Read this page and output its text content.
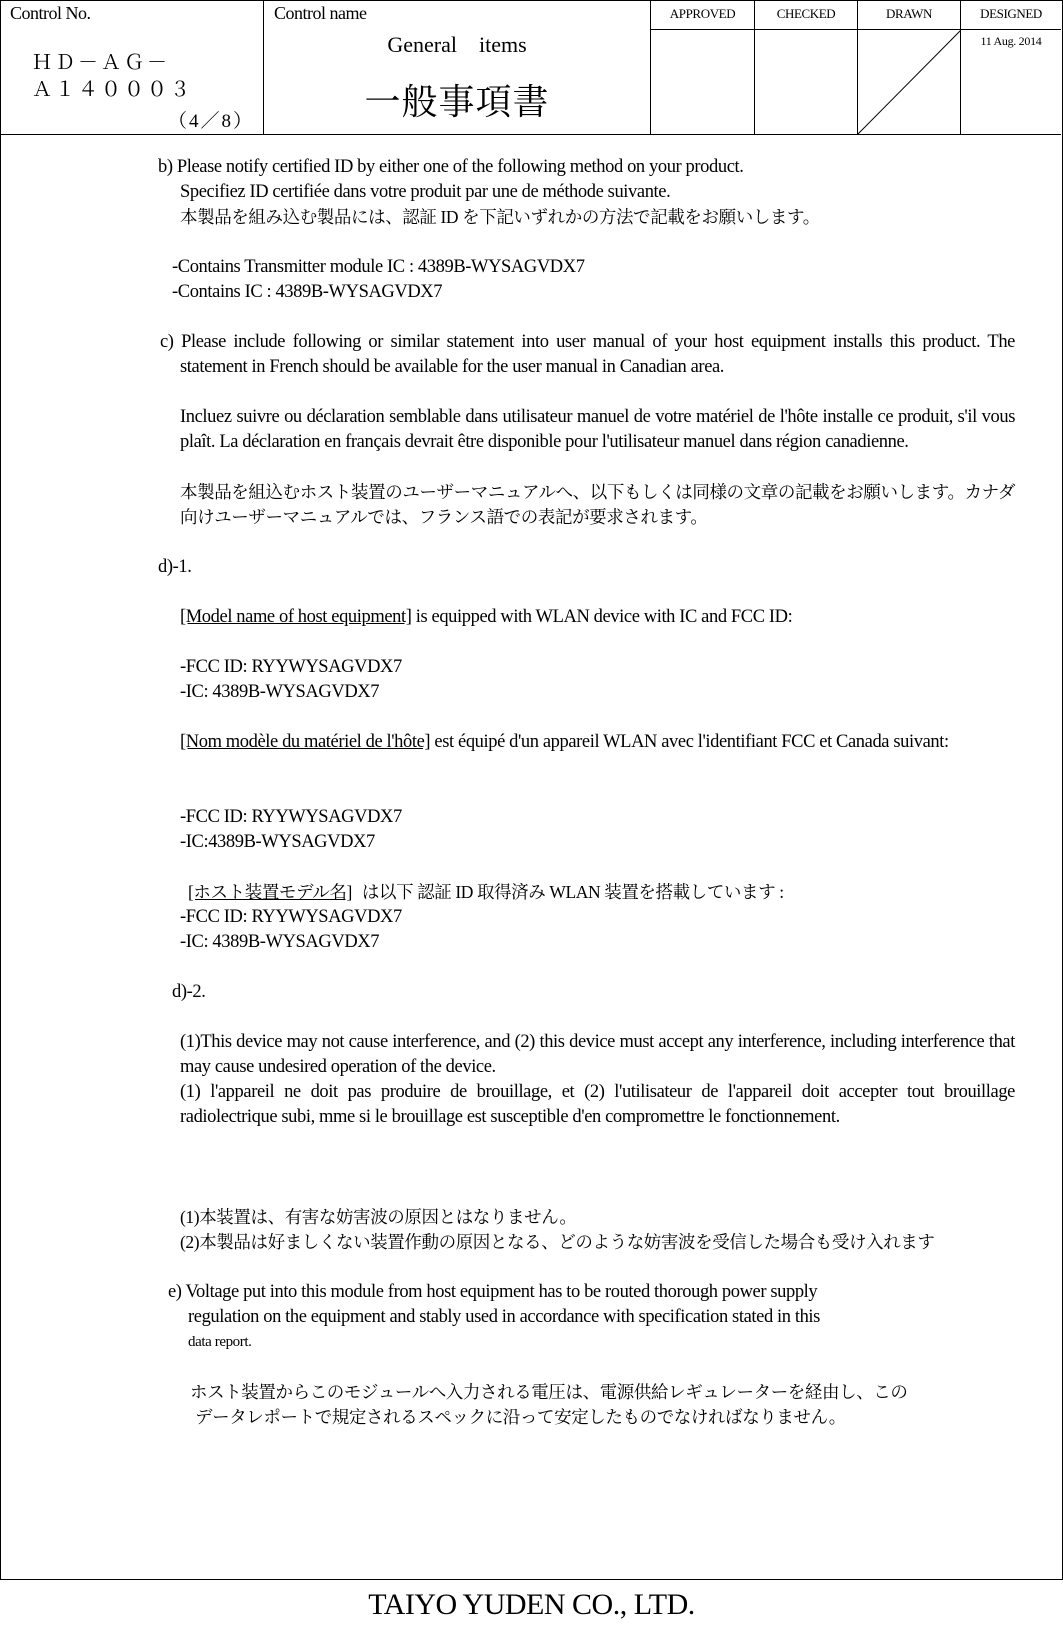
Control No.
ＨＤ－ＡＧ－
Ａ１４０００３
（4／8）
Control name
General　items
一般事項書
APPROVED	CHECKED	DRAWN	DESIGNED
11 Aug. 2014
b) Please notify certified ID by either one of the following method on your product.
Specifiez ID certifiée dans votre produit par une de méthode suivante.
本製品を組み込む製品には、認証 ID を下記いずれかの方法で記載をお願いします。
-Contains Transmitter module IC : 4389B-WYSAGVDX7
-Contains IC : 4389B-WYSAGVDX7
c) Please include following or similar statement into user manual of your host equipment installs this product. The statement in French should be available for the user manual in Canadian area.
Incluez suivre ou déclaration semblable dans utilisateur manuel de votre matériel de l'hôte installe ce produit, s'il vous plaît. La déclaration en français devrait être disponible pour l'utilisateur manuel dans région canadienne.
本製品を組込むホスト装置のユーザーマニュアルへ、以下もしくは同様の文章の記載をお願いします。カナダ向けユーザーマニュアルでは、フランス語での表記が要求されます。
d)-1.
[Model name of host equipment] is equipped with WLAN device with IC and FCC ID:
-FCC ID: RYYWYSAGVDX7
-IC: 4389B-WYSAGVDX7
[Nom modèle du matériel de l'hôte] est équipé d'un appareil WLAN avec l'identifiant FCC et Canada suivant:
-FCC ID: RYYWYSAGVDX7
-IC:4389B-WYSAGVDX7
[ホスト装置モデル名] は以下 認証 ID 取得済み WLAN 装置を搭載しています :
-FCC ID: RYYWYSAGVDX7
-IC: 4389B-WYSAGVDX7
d)-2.
(1)This device may not cause interference, and (2) this device must accept any interference, including interference that may cause undesired operation of the device.
(1) l'appareil ne doit pas produire de brouillage, et (2) l'utilisateur de l'appareil doit accepter tout brouillage radiolectrique subi, mme si le brouillage est susceptible d'en compromettre le fonctionnement.
(1)本装置は、有害な妨害波の原因とはなりません。
(2)本製品は好ましくない装置作動の原因となる、どのような妨害波を受信した場合も受け入れます
e) Voltage put into this module from host equipment has to be routed thorough power supply
regulation on the equipment and stably used in accordance with specification stated in this
data report.
ホスト装置からこのモジュールへ入力される電圧は、電源供給レギュレーターを経由し、この
データレポートで規定されるスペックに沿って安定したものでなければなりません。
TAIYO YUDEN CO., LTD.
